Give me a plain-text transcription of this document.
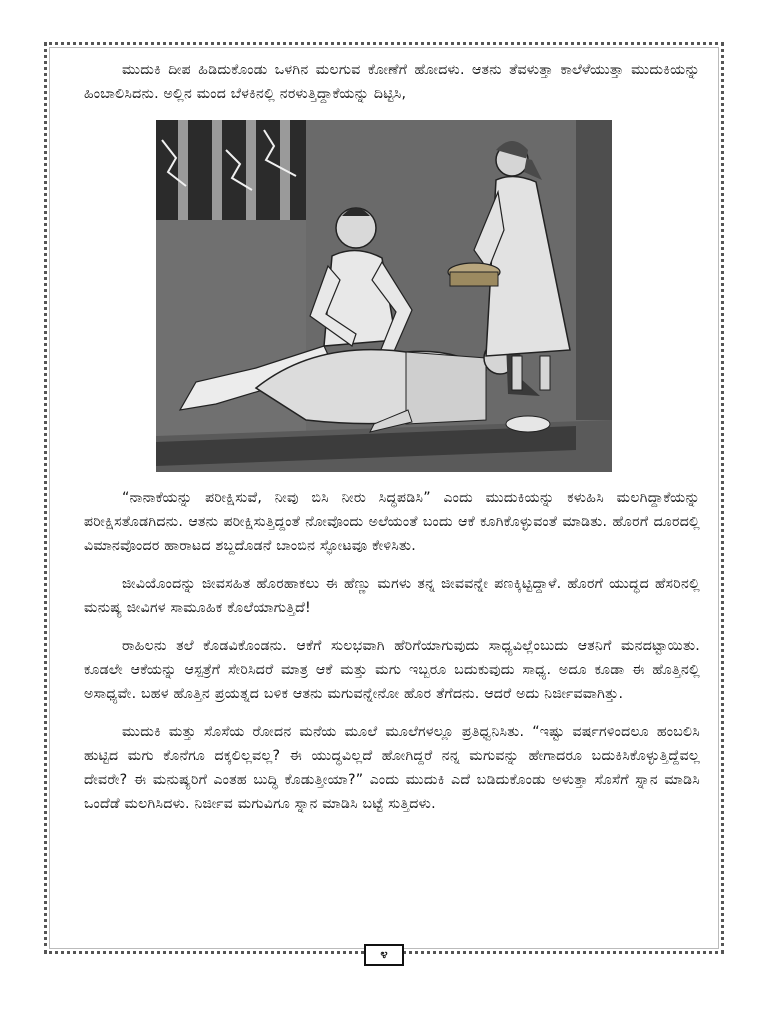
ಮುದುಕಿ ದೀಪ ಹಿಡಿದುಕೊಂಡು ಒಳಗಿನ ಮಲಗುವ ಕೋಣೆಗೆ ಹೋದಳು. ಆತನು ತೆವಳುತ್ತಾ ಕಾಲೆಳೆಯುತ್ತಾ ಮುದುಕಿಯನ್ನು ಹಿಂಬಾಲಿಸಿದನು. ಅಲ್ಲಿನ ಮಂದ ಬೆಳಕಿನಲ್ಲಿ ನರಳುತ್ತಿದ್ದಾಕೆಯನ್ನು ದಿಟ್ಟಿಸಿ,

“ನಾನಾಕೆಯನ್ನು ಪರೀಕ್ಷಿಸುವೆ, ನೀವು ಬಿಸಿ ನೀರು ಸಿದ್ಧಪಡಿಸಿ” ಎಂದು ಮುದುಕಿಯನ್ನು ಕಳುಹಿಸಿ ಮಲಗಿದ್ದಾಕೆಯನ್ನು ಪರೀಕ್ಷಿಸತೊಡಗಿದನು. ಆತನು ಪರೀಕ್ಷಿಸುತ್ತಿದ್ದಂತೆ ನೋವೊಂದು ಅಲೆಯಂತೆ ಬಂದು ಆಕೆ ಕೂಗಿಕೊಳ್ಳುವಂತೆ ಮಾಡಿತು. ಹೊರಗೆ ದೂರದಲ್ಲಿ ವಿಮಾನವೊಂದರ ಹಾರಾಟದ ಶಬ್ದದೊಡನೆ ಬಾಂಬಿನ ಸ್ಫೋಟವೂ ಕೇಳಿಸಿತು.

ಜೀವಿಯೊಂದನ್ನು ಜೀವಸಹಿತ ಹೊರಹಾಕಲು ಈ ಹೆಣ್ಣು ಮಗಳು ತನ್ನ ಜೀವವನ್ನೇ ಪಣಕ್ಕಿಟ್ಟಿದ್ದಾಳೆ. ಹೊರಗೆ ಯುದ್ಧದ ಹೆಸರಿನಲ್ಲಿ ಮನುಷ್ಯ ಜೀವಿಗಳ ಸಾಮೂಹಿಕ ಕೊಲೆಯಾಗುತ್ತಿದೆ!

ರಾಹಿಲನು ತಲೆ ಕೊಡವಿಕೊಂಡನು. ಆಕೆಗೆ ಸುಲಭವಾಗಿ ಹೆರಿಗೆಯಾಗುವುದು ಸಾಧ್ಯವಿಲ್ಲೆಂಬುದು ಆತನಿಗೆ ಮನದಟ್ಟಾಯಿತು. ಕೂಡಲೇ ಆಕೆಯನ್ನು ಆಸ್ಪತ್ರೆಗೆ ಸೇರಿಸಿದರೆ ಮಾತ್ರ ಆಕೆ ಮತ್ತು ಮಗು ಇಬ್ಬರೂ ಬದುಕುವುದು ಸಾಧ್ಯ. ಅದೂ ಕೂಡಾ ಈ ಹೊತ್ತಿನಲ್ಲಿ ಅಸಾಧ್ಯವೇ. ಬಹಳ ಹೊತ್ತಿನ ಪ್ರಯತ್ನದ ಬಳಿಕ ಆತನು ಮಗುವನ್ನೇನೋ ಹೊರ ತೆಗೆದನು. ಆದರೆ ಅದು ನಿರ್ಜೀವವಾಗಿತ್ತು.

ಮುದುಕಿ ಮತ್ತು ಸೊಸೆಯ ರೋದನ ಮನೆಯ ಮೂಲೆ ಮೂಲೆಗಳಲ್ಲೂ ಪ್ರತಿಧ್ವನಿಸಿತು. “ಇಷ್ಟು ವರ್ಷಗಳಿಂದಲೂ ಹಂಬಲಿಸಿ ಹುಟ್ಟಿದ ಮಗು ಕೊನೆಗೂ ದಕ್ಕಲಿಲ್ಲವಲ್ಲ? ಈ ಯುದ್ಧವಿಲ್ಲದೆ ಹೋಗಿದ್ದರೆ ನನ್ನ ಮಗುವನ್ನು ಹೇಗಾದರೂ ಬದುಕಿಸಿಕೊಳ್ಳುತ್ತಿದ್ದೆವಲ್ಲ ದೇವರೇ? ಈ ಮನುಷ್ಯರಿಗೆ ಎಂತಹ ಬುದ್ಧಿ ಕೊಡುತ್ತೀಯಾ?” ಎಂದು ಮುದುಕಿ ಎದೆ ಬಡಿದುಕೊಂಡು ಅಳುತ್ತಾ ಸೊಸೆಗೆ ಸ್ನಾನ ಮಾಡಿಸಿ ಒಂದೆಡೆ ಮಲಗಿಸಿದಳು. ನಿರ್ಜೀವ ಮಗುವಿಗೂ ಸ್ನಾನ ಮಾಡಿಸಿ ಬಟ್ಟೆ ಸುತ್ತಿದಳು.

೪
